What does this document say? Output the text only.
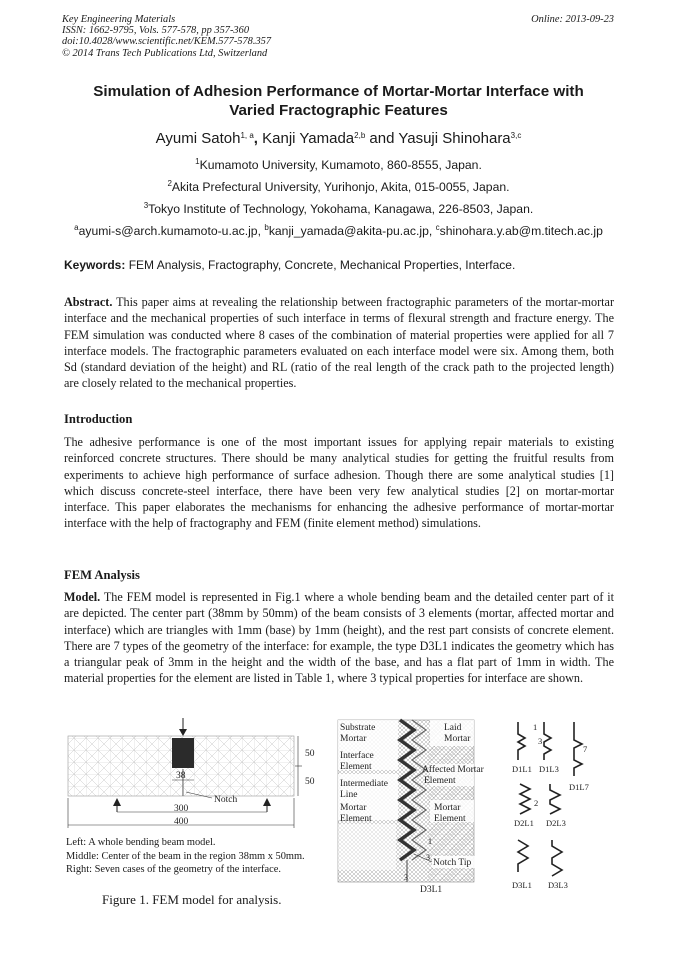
Key Engineering Materials
ISSN: 1662-9795, Vols. 577-578, pp 357-360
doi:10.4028/www.scientific.net/KEM.577-578.357
© 2014 Trans Tech Publications Ltd, Switzerland
Online: 2013-09-23
Simulation of Adhesion Performance of Mortar-Mortar Interface with
Varied Fractographic Features
Ayumi Satoh$^{1, a}$, Kanji Yamada$^{2,b}$ and Yasuji Shinohara$^{3,c}$
$^1$Kumamoto University, Kumamoto, 860-8555, Japan.
$^2$Akita Prefectural University, Yurihonjo, Akita, 015-0055, Japan.
$^3$Tokyo Institute of Technology, Yokohama, Kanagawa, 226-8503, Japan.
$^a$ayumi-s@arch.kumamoto-u.ac.jp, $^b$kanji_yamada@akita-pu.ac.jp, $^c$shinohara.y.ab@m.titech.ac.jp
Keywords: FEM Analysis, Fractography, Concrete, Mechanical Properties, Interface.
Abstract. This paper aims at revealing the relationship between fractographic parameters of the mortar-mortar interface and the mechanical properties of such interface in terms of flexural strength and fracture energy. The FEM simulation was conducted where 8 cases of the combination of material properties were applied for all 7 interface models. The fractographic parameters evaluated on each interface model were six. Among them, both Sd (standard deviation of the height) and RL (ratio of the real length of the crack path to the projected length) are closely related to the mechanical properties.
Introduction
The adhesive performance is one of the most important issues for applying repair materials to existing reinforced concrete structures. There should be many analytical studies for getting the fruitful results from experiments to achieve high performance of surface adhesion. Though there are some analytical studies [1] which discuss concrete-steel interface, there have been very few analytical studies [2] on mortar-mortar interface. This paper elaborates the mechanisms for enhancing the adhesive performance of mortar-mortar interface with the help of fractography and FEM (finite element method) simulations.
FEM Analysis
Model. The FEM model is represented in Fig.1 where a whole bending beam and the detailed center part of it are depicted. The center part (38mm by 50mm) of the beam consists of 3 elements (mortar, affected mortar and interface) which are triangles with 1mm (base) by 1mm (height), and the rest part consists of concrete element. There are 7 types of the geometry of the interface: for example, the type D3L1 indicates the geometry which has a triangular peak of 3mm in the height and the width of the base, and has a flat part of 1mm in width. The material properties for the element are listed in Table 1, where 3 typical properties for interface are shown.
50
50
38
Notch
300
400
Substrate
Mortar
Laid
Mortar
Interface
Element
Intermediate
Line
Affected Mortar
Element
Mortar
Element
Mortar
Element
Notch Tip
1
3
3
D3L1
D1L1 D1L3
D1L7
D2L1 D2L3
D3L1 D3L3
1
3
7
2
Left: A whole bending beam model.
Middle: Center of the beam in the region 38mm x 50mm.
Right: Seven cases of the geometry of the interface.
Figure 1. FEM model for analysis.
